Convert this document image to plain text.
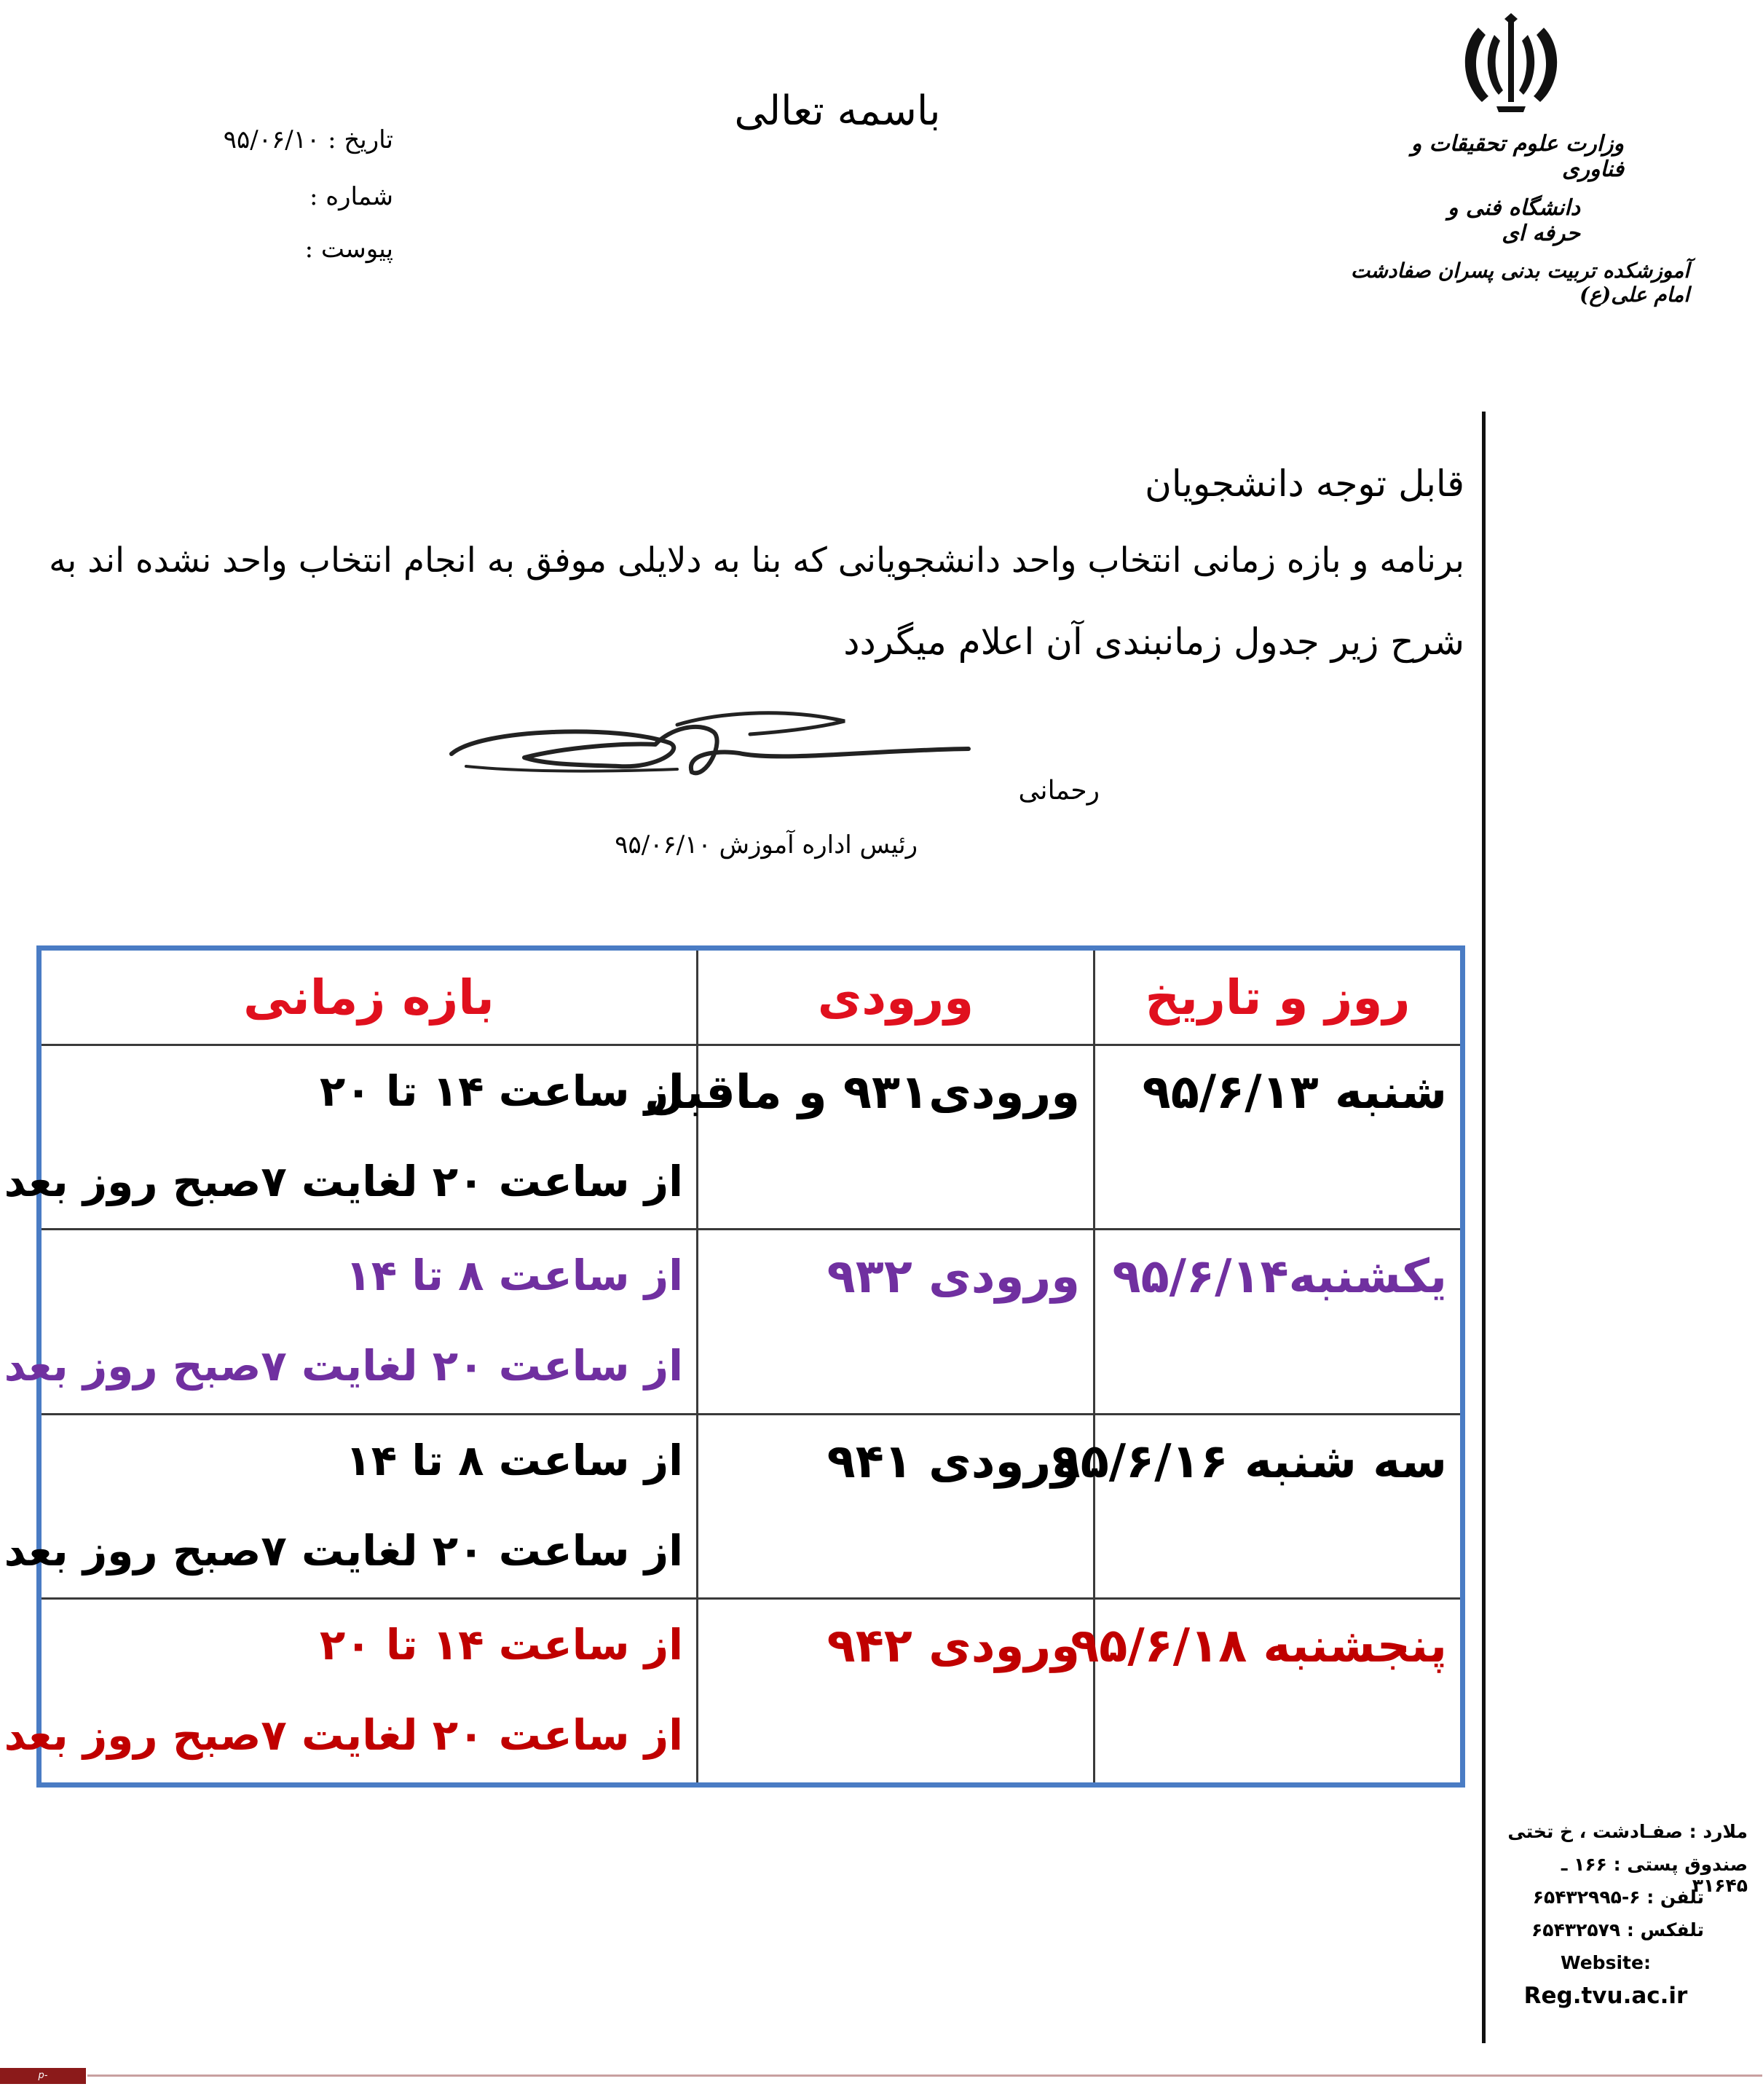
باسمه تعالی
تاریخ : ۹۵/۰۶/۱۰
شماره :
پیوست :
وزارت علوم تحقیقات و فناوری
دانشگاه فنی و حرفه ای
آموزشکده تربیت بدنی پسران صفادشت امام علی(ع)
قابل توجه دانشجویان
برنامه و بازه زمانی انتخاب واحد دانشجویانی که بنا به دلایلی موفق به انجام انتخاب واحد نشده اند به
شرح زیر جدول زمانبندی آن اعلام میگردد
رحمانی
رئیس اداره آموزش ۹۵/۰۶/۱۰
روز و تاریخ	ورودی	بازه زمانی
شنبه ۹۵/۶/۱۳	ورودی۹۳۱ و ماقبل	از ساعت ۱۴ تا ۲۰
از ساعت ۲۰ لغایت ۷صبح روز بعد

یکشنبه۹۵/۶/۱۴	ورودی ۹۳۲	از ساعت ۸ تا ۱۴
از ساعت ۲۰ لغایت ۷صبح روز بعد

سه شنبه ۹۵/۶/۱۶	ورودی ۹۴۱	از ساعت ۸ تا ۱۴
از ساعت ۲۰ لغایت ۷صبح روز بعد

پنجشنبه ۹۵/۶/۱۸	ورودی ۹۴۲	از ساعت ۱۴ تا ۲۰
از ساعت ۲۰ لغایت ۷صبح روز بعد
ملارد : صفـادشت ، خ تختی
صندوق پستی : ۱۶۶ ـ ۳۱۶۴۵
تلفن : ۶-۶۵۴۳۲۹۹۵
تلفکس : ۶۵۴۳۲۵۷۹
Website:
Reg.tvu.ac.ir
p-safadasht.tvu.ac.ir
